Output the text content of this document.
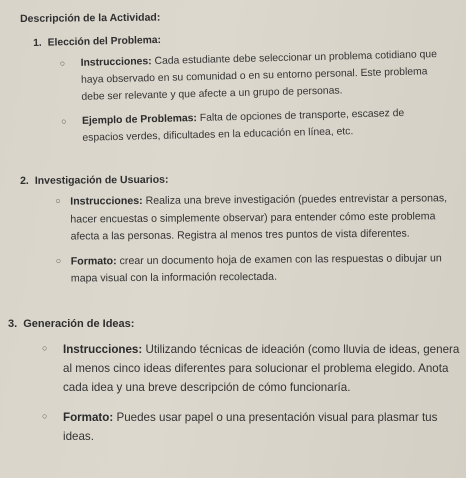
Descripción de la Actividad:
1. Elección del Problema:
○ Instrucciones: Cada estudiante debe seleccionar un problema cotidiano que haya observado en su comunidad o en su entorno personal. Este problema debe ser relevante y que afecte a un grupo de personas.
○ Ejemplo de Problemas: Falta de opciones de transporte, escasez de espacios verdes, dificultades en la educación en línea, etc.
2. Investigación de Usuarios:
○ Instrucciones: Realiza una breve investigación (puedes entrevistar a personas, hacer encuestas o simplemente observar) para entender cómo este problema afecta a las personas. Registra al menos tres puntos de vista diferentes.
○ Formato: crear un documento hoja de examen con las respuestas o dibujar un mapa visual con la información recolectada.
3. Generación de Ideas:
○ Instrucciones: Utilizando técnicas de ideación (como lluvia de ideas, genera al menos cinco ideas diferentes para solucionar el problema elegido. Anota cada idea y una breve descripción de cómo funcionaría.
○ Formato: Puedes usar papel o una presentación visual para plasmar tus ideas.
